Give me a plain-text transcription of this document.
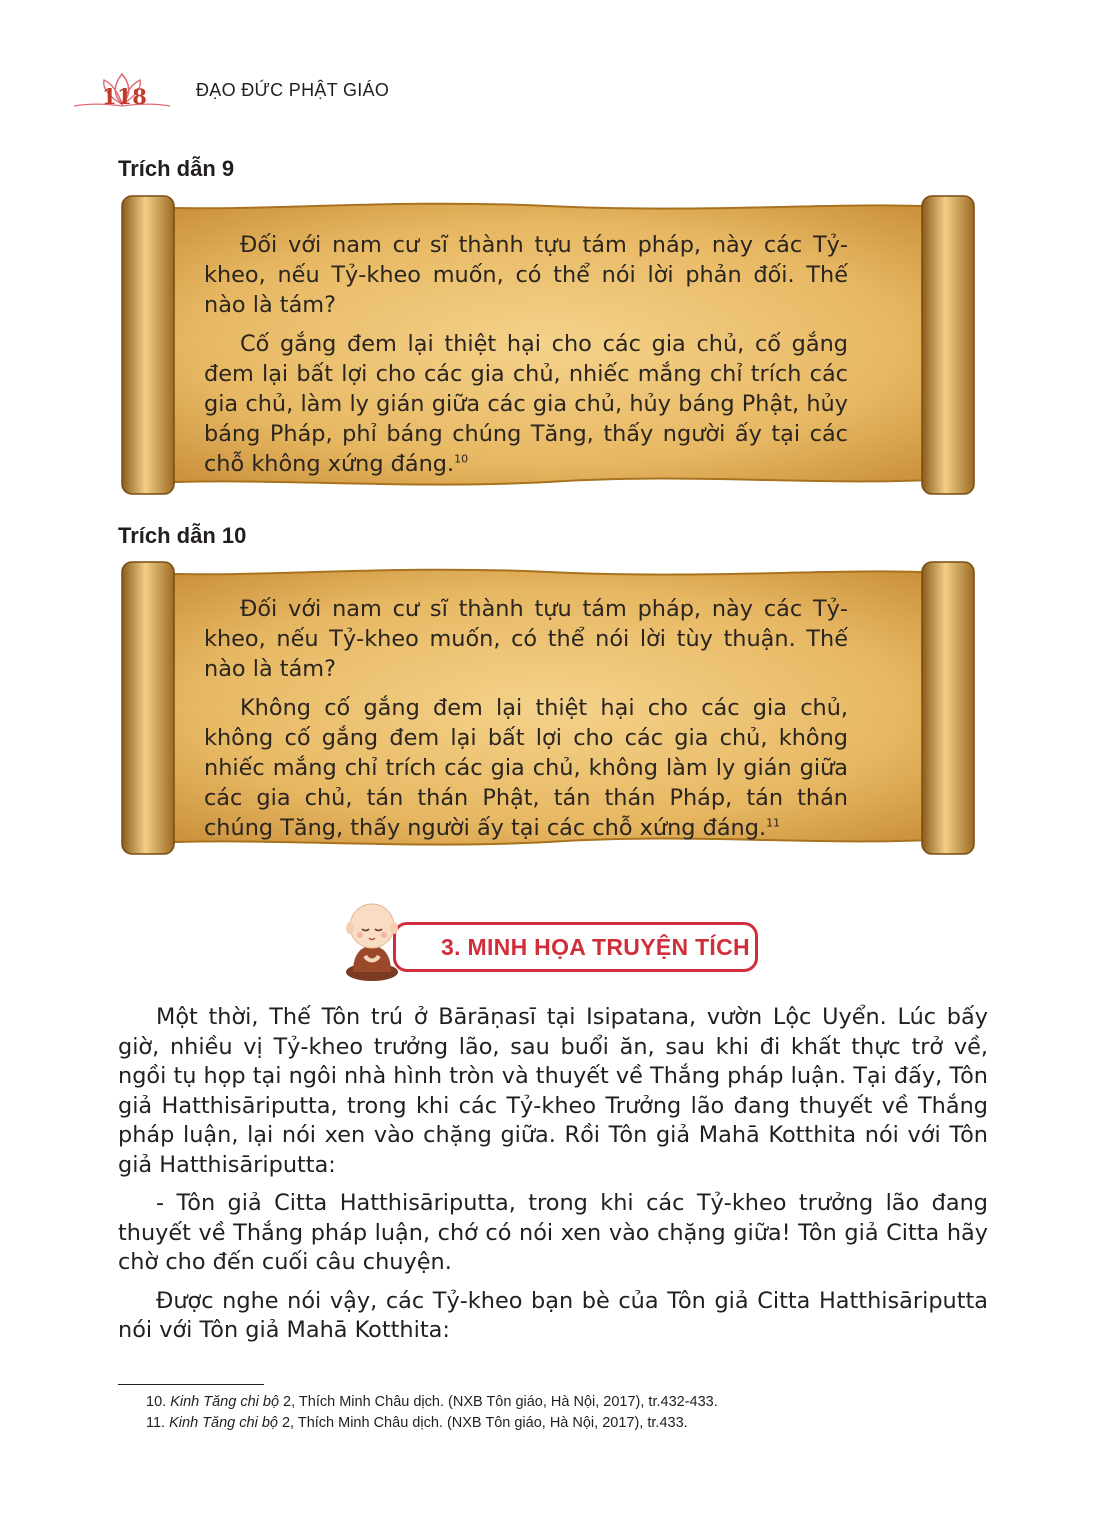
118	ĐẠO ĐỨC PHẬT GIÁO
Trích dẫn 9

Đối với nam cư sĩ thành tựu tám pháp, này các Tỷ-kheo, nếu Tỷ-kheo muốn, có thể nói lời phản đối. Thế nào là tám?

Cố gắng đem lại thiệt hại cho các gia chủ, cố gắng đem lại bất lợi cho các gia chủ, nhiếc mắng chỉ trích các gia chủ, làm ly gián giữa các gia chủ, hủy báng Phật, hủy báng Pháp, phỉ báng chúng Tăng, thấy người ấy tại các chỗ không xứng đáng.$^{10}$

Trích dẫn 10

Đối với nam cư sĩ thành tựu tám pháp, này các Tỷ-kheo, nếu Tỷ-kheo muốn, có thể nói lời tùy thuận. Thế nào là tám?

Không cố gắng đem lại thiệt hại cho các gia chủ, không cố gắng đem lại bất lợi cho các gia chủ, không nhiếc mắng chỉ trích các gia chủ, không làm ly gián giữa các gia chủ, tán thán Phật, tán thán Pháp, tán thán chúng Tăng, thấy người ấy tại các chỗ xứng đáng.$^{11}$

3. MINH HỌA TRUYỆN TÍCH

Một thời, Thế Tôn trú ở Bārāṇasī tại Isipatana, vườn Lộc Uyển. Lúc bấy giờ, nhiều vị Tỷ-kheo trưởng lão, sau buổi ăn, sau khi đi khất thực trở về, ngồi tụ họp tại ngôi nhà hình tròn và thuyết về Thắng pháp luận. Tại đấy, Tôn giả Hatthisāriputta, trong khi các Tỷ-kheo Trưởng lão đang thuyết về Thắng pháp luận, lại nói xen vào chặng giữa. Rồi Tôn giả Mahā Kotthita nói với Tôn giả Hatthisāriputta:

- Tôn giả Citta Hatthisāriputta, trong khi các Tỷ-kheo trưởng lão đang thuyết về Thắng pháp luận, chớ có nói xen vào chặng giữa! Tôn giả Citta hãy chờ cho đến cuối câu chuyện.

Được nghe nói vậy, các Tỷ-kheo bạn bè của Tôn giả Citta Hatthisāriputta nói với Tôn giả Mahā Kotthita:

10. Kinh Tăng chi bộ 2, Thích Minh Châu dịch. (NXB Tôn giáo, Hà Nội, 2017), tr.432-433.
11. Kinh Tăng chi bộ 2, Thích Minh Châu dịch. (NXB Tôn giáo, Hà Nội, 2017), tr.433.
